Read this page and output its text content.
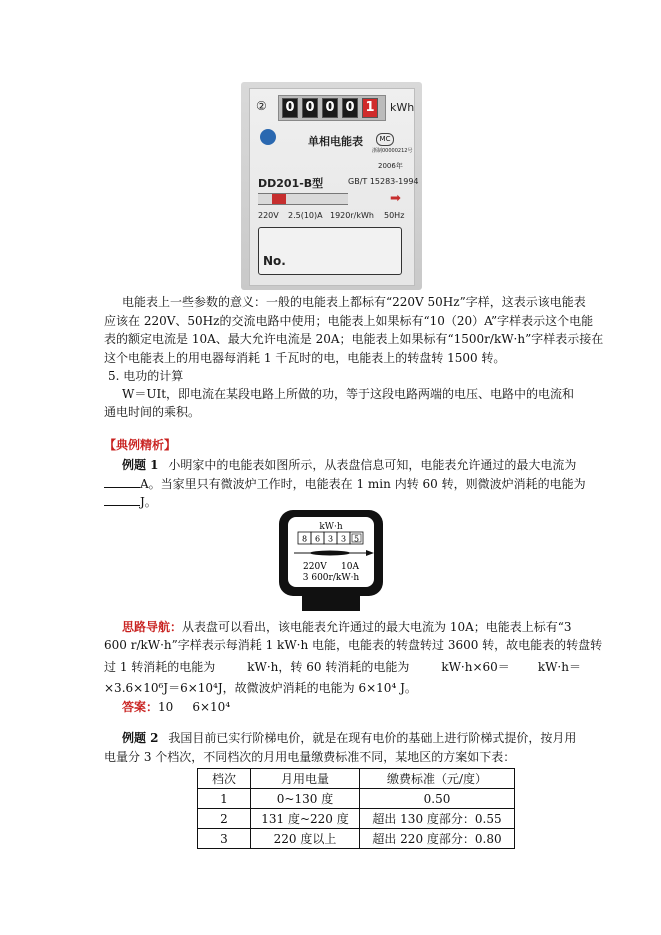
② 0 0 0 0 1	kWh
单相电能表	MC
浙制00000212号
2006年
DD201-B型	GB/T 15283-1994
➡
220V 2.5(10)A 1920r/kWh 50Hz
No.
电能表上一些参数的意义：一般的电能表上都标有“220V 50Hz”字样，这表示该电能表
应该在 220V、50Hz的交流电路中使用；电能表上如果标有“10（20）A”字样表示这个电能
表的额定电流是 10A、最大允许电流是 20A；电能表上如果标有“1500r/kW·h”字样表示接在
这个电能表上的用电器每消耗 1 千瓦时的电，电能表上的转盘转 1500 转。
5. 电功的计算
W＝UIt，即电流在某段电路上所做的功，等于这段电路两端的电压、电路中的电流和
通电时间的乘积。
【典例精析】
例题 1 小明家中的电能表如图所示，从表盘信息可知，电能表允许通过的最大电流为
A。当家里只有微波炉工作时，电能表在 1 min 内转 60 转，则微波炉消耗的电能为
J。
kW·h
8 6 3 3 5
220V     10A
3 600r/kW·h
思路导航：从表盘可以看出，该电能表允许通过的最大电流为 10A；电能表上标有“3
600 r/kW·h”字样表示每消耗 1 kW·h 电能，电能表的转盘转过 3600 转，故电能表的转盘转
过 1 转消耗的电能为	kW·h，转 60 转消耗的电能为	kW·h×60＝ kW·h＝
×3.6×10⁶J＝6×10⁴J，故微波炉消耗的电能为 6×10⁴ J。
答案：10     6×10⁴
例题 2 我国目前已实行阶梯电价，就是在现有电价的基础上进行阶梯式提价，按月用
电量分 3 个档次，不同档次的月用电量缴费标准不同，某地区的方案如下表：
档次	月用电量	缴费标准（元/度）
1	0~130 度	0.50
2	131 度~220 度	超出 130 度部分：0.55
3	220 度以上	超出 220 度部分：0.80
